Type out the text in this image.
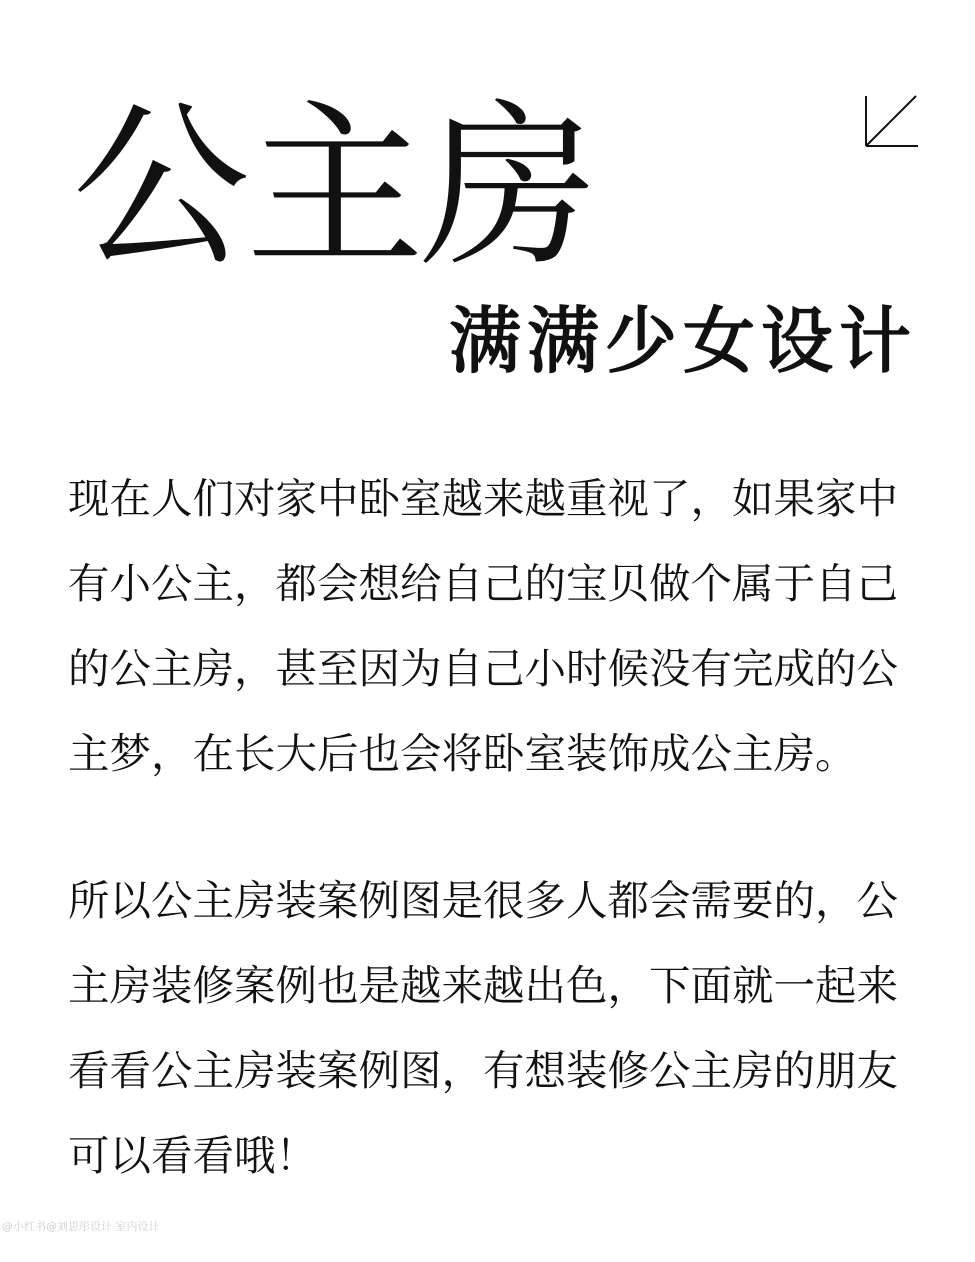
公主房
满满少女设计

现在人们对家中卧室越来越重视了，如果家中有小公主，都会想给自己的宝贝做个属于自己的公主房，甚至因为自己小时候没有完成的公主梦，在长大后也会将卧室装饰成公主房。

所以公主房装案例图是很多人都会需要的，公主房装修案例也是越来越出色，下面就一起来看看公主房装案例图，有想装修公主房的朋友可以看看哦！

@小红书@刘思彤设计 室内设计
